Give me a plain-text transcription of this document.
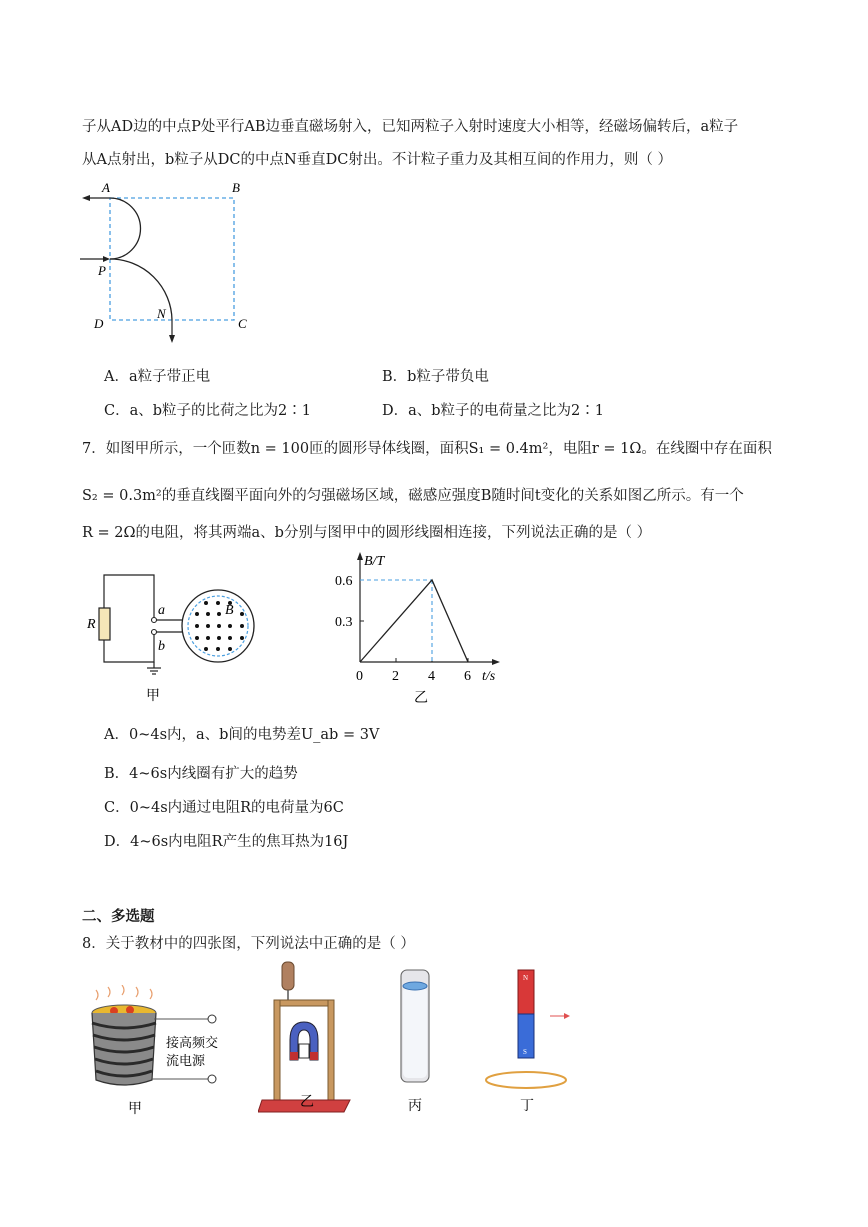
子从AD边的中点P处平行AB边垂直磁场射入，已知两粒子入射时速度大小相等，经磁场偏转后，a粒子
从A点射出，b粒子从DC的中点N垂直DC射出。不计粒子重力及其相互间的作用力，则（ ）
A	B
C
D
P
N
A．a粒子带正电	B．b粒子带负电
C．a、b粒子的比荷之比为2∶1	D．a、b粒子的电荷量之比为2∶1
7．如图甲所示，一个匝数n = 100匝的圆形导体线圈，面积S₁ = 0.4m²，电阻r = 1Ω。在线圈中存在面积
S₂ = 0.3m²的垂直线圈平面向外的匀强磁场区域，磁感应强度B随时间t变化的关系如图乙所示。有一个
R = 2Ω的电阻，将其两端a、b分别与图甲中的圆形线圈相连接，下列说法正确的是（ ）
R
a
b
B
甲
B/T
t/s
0.6
0.3
0 2 4 6
乙
A．0~4s内，a、b间的电势差U_ab = 3V
B．4~6s内线圈有扩大的趋势
C．0~4s内通过电阻R的电荷量为6C
D．4~6s内电阻R产生的焦耳热为16J
二、多选题
8．关于教材中的四张图，下列说法中正确的是（ ）
接高频交
流电源
甲	乙	丙
N
S
丁
